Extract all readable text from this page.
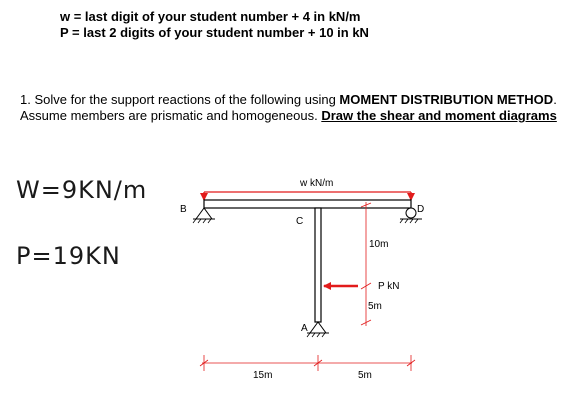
w = last digit of your student number + 4 in kN/m
P = last 2 digits of your student number + 10 in kN
1. Solve for the support reactions of the following using MOMENT DISTRIBUTION METHOD. Assume members are prismatic and homogeneous. Draw the shear and moment diagrams
W=9KN/m
P=19KN
w kN/m
B
C
D
A
P kN
10m
5m
15m	5m
